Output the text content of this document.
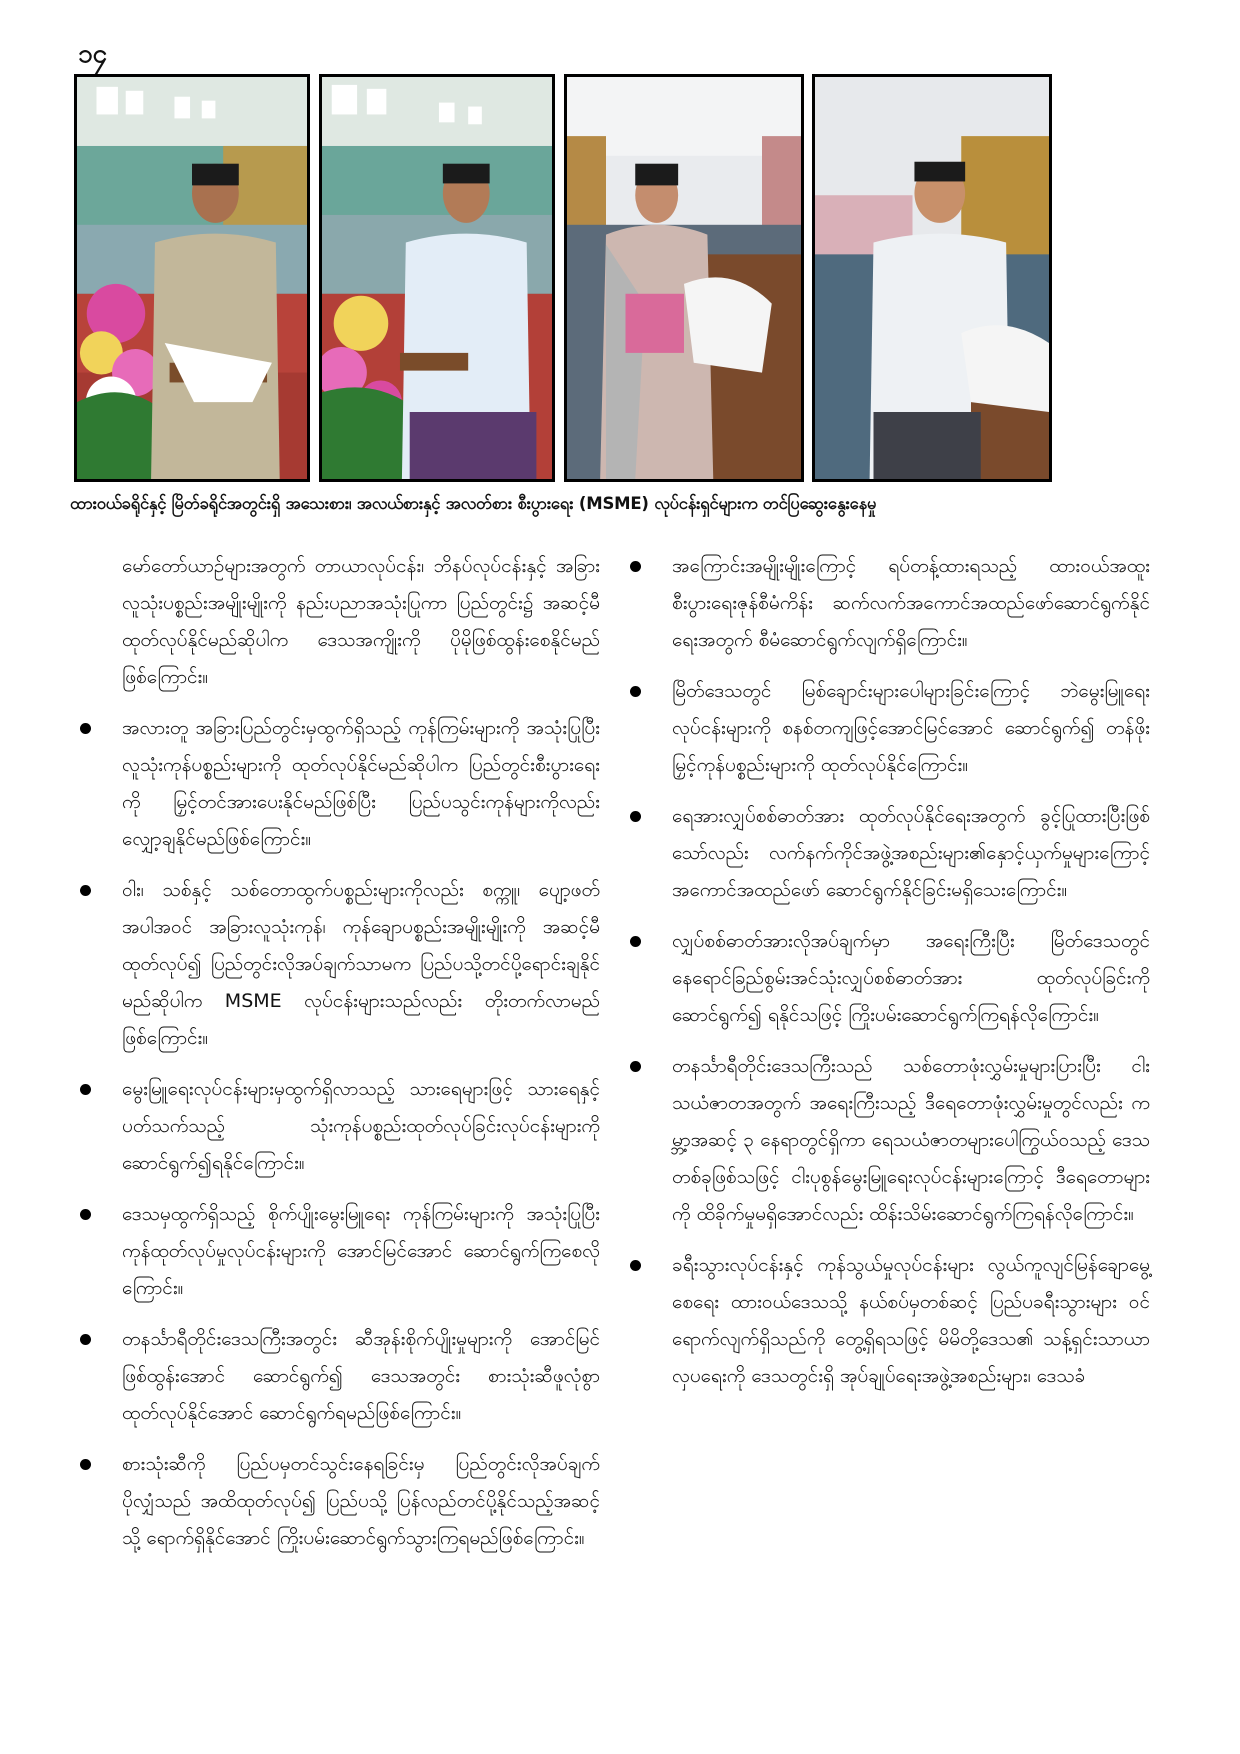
၁၄
ထားဝယ်ခရိုင်နှင့် မြိတ်ခရိုင်အတွင်းရှိ အသေးစား၊ အလယ်စားနှင့် အလတ်စား စီးပွားရေး (MSME) လုပ်ငန်းရှင်များက တင်ပြဆွေးနွေးနေမှု

မော်တော်ယာဉ်များအတွက် တာယာလုပ်ငန်း၊ ဘိနပ်လုပ်ငန်းနှင့် အခြားလူသုံးပစ္စည်းအမျိုးမျိုးကို နည်းပညာအသုံးပြုကာ ပြည်တွင်း၌ အဆင့်မီထုတ်လုပ်နိုင်မည်ဆိုပါက ဒေသအကျိုးကို ပိုမိုဖြစ်ထွန်းစေနိုင်မည်ဖြစ်ကြောင်း။

အလားတူ အခြားပြည်တွင်းမှထွက်ရှိသည့် ကုန်ကြမ်းများကို အသုံးပြုပြီး လူသုံးကုန်ပစ္စည်းများကို ထုတ်လုပ်နိုင်မည်ဆိုပါက ပြည်တွင်းစီးပွားရေးကို မြှင့်တင်အားပေးနိုင်မည်ဖြစ်ပြီး ပြည်ပသွင်းကုန်များကိုလည်း လျှော့ချနိုင်မည်ဖြစ်ကြောင်း။

ဝါး၊ သစ်နှင့် သစ်တောထွက်ပစ္စည်းများကိုလည်း စက္ကူ၊ ပျော့ဖတ်အပါအဝင် အခြားလူသုံးကုန်၊ ကုန်ချောပစ္စည်းအမျိုးမျိုးကို အဆင့်မီထုတ်လုပ်၍ ပြည်တွင်းလိုအပ်ချက်သာမက ပြည်ပသို့တင်ပို့ရောင်းချနိုင်မည်ဆိုပါက MSME လုပ်ငန်းများသည်လည်း တိုးတက်လာမည်ဖြစ်ကြောင်း။

မွေးမြူရေးလုပ်ငန်းများမှထွက်ရှိလာသည့် သားရေများဖြင့် သားရေနှင့်ပတ်သက်သည့် သုံးကုန်ပစ္စည်းထုတ်လုပ်ခြင်းလုပ်ငန်းများကို ဆောင်ရွက်၍ရနိုင်ကြောင်း။

ဒေသမှထွက်ရှိသည့် စိုက်ပျိုးမွေးမြူရေး ကုန်ကြမ်းများကို အသုံးပြုပြီး ကုန်ထုတ်လုပ်မှုလုပ်ငန်းများကို အောင်မြင်အောင် ဆောင်ရွက်ကြစေလိုကြောင်း။

တနင်္သာရီတိုင်းဒေသကြီးအတွင်း ဆီအုန်းစိုက်ပျိုးမှုများကို အောင်မြင်ဖြစ်ထွန်းအောင် ဆောင်ရွက်၍ ဒေသအတွင်း စားသုံးဆီဖူလုံစွာ ထုတ်လုပ်နိုင်အောင် ဆောင်ရွက်ရမည်ဖြစ်ကြောင်း။

စားသုံးဆီကို ပြည်ပမှတင်သွင်းနေရခြင်းမှ ပြည်တွင်းလိုအပ်ချက် ပိုလျှံသည် အထိထုတ်လုပ်၍ ပြည်ပသို့ ပြန်လည်တင်ပို့နိုင်သည့်အဆင့်သို့ ရောက်ရှိနိုင်အောင် ကြိုးပမ်းဆောင်ရွက်သွားကြရမည်ဖြစ်ကြောင်း။

အကြောင်းအမျိုးမျိုးကြောင့် ရပ်တန့်ထားရသည့် ထားဝယ်အထူးစီးပွားရေးဇုန်စီမံကိန်း ဆက်လက်အကောင်အထည်ဖော်ဆောင်ရွက်နိုင်ရေးအတွက် စီမံဆောင်ရွက်လျက်ရှိကြောင်း။

မြိတ်ဒေသတွင် မြစ်ချောင်းများပေါများခြင်းကြောင့် ဘဲမွေးမြူရေးလုပ်ငန်းများကို စနစ်တကျဖြင့်အောင်မြင်အောင် ဆောင်ရွက်၍ တန်ဖိုးမြှင့်ကုန်ပစ္စည်းများကို ထုတ်လုပ်နိုင်ကြောင်း။

ရေအားလျှပ်စစ်ဓာတ်အား ထုတ်လုပ်နိုင်ရေးအတွက် ခွင့်ပြုထားပြီးဖြစ်သော်လည်း လက်နက်ကိုင်အဖွဲ့အစည်းများ၏နှောင့်ယှက်မှုများကြောင့် အကောင်အထည်ဖော် ဆောင်ရွက်နိုင်ခြင်းမရှိသေးကြောင်း။

လျှပ်စစ်ဓာတ်အားလိုအပ်ချက်မှာ အရေးကြီးပြီး မြိတ်ဒေသတွင် နေရောင်ခြည်စွမ်းအင်သုံးလျှပ်စစ်ဓာတ်အား ထုတ်လုပ်ခြင်းကိုဆောင်ရွက်၍ ရနိုင်သဖြင့် ကြိုးပမ်းဆောင်ရွက်ကြရန်လိုကြောင်း။

တနင်္သာရီတိုင်းဒေသကြီးသည် သစ်တောဖုံးလွှမ်းမှုများပြားပြီး ငါးသယံဇာတအတွက် အရေးကြီးသည့် ဒီရေတောဖုံးလွှမ်းမှုတွင်လည်း ကမ္ဘာ့အဆင့် ၃ နေရာတွင်ရှိကာ ရေသယံဇာတများပေါကြွယ်ဝသည့် ဒေသတစ်ခုဖြစ်သဖြင့် ငါးပုစွန်မွေးမြူရေးလုပ်ငန်းများကြောင့် ဒီရေတောများကို ထိခိုက်မှုမရှိအောင်လည်း ထိန်းသိမ်းဆောင်ရွက်ကြရန်လိုကြောင်း။

ခရီးသွားလုပ်ငန်းနှင့် ကုန်သွယ်မှုလုပ်ငန်းများ လွယ်ကူလျင်မြန်ချောမွေ့စေရေး ထားဝယ်ဒေသသို့ နယ်စပ်မှတစ်ဆင့် ပြည်ပခရီးသွားများ ဝင်ရောက်လျက်ရှိသည်ကို တွေ့ရှိရသဖြင့် မိမိတို့ဒေသ၏ သန့်ရှင်းသာယာလှပရေးကို ဒေသတွင်းရှိ အုပ်ချုပ်ရေးအဖွဲ့အစည်းများ၊ ဒေသခံ
